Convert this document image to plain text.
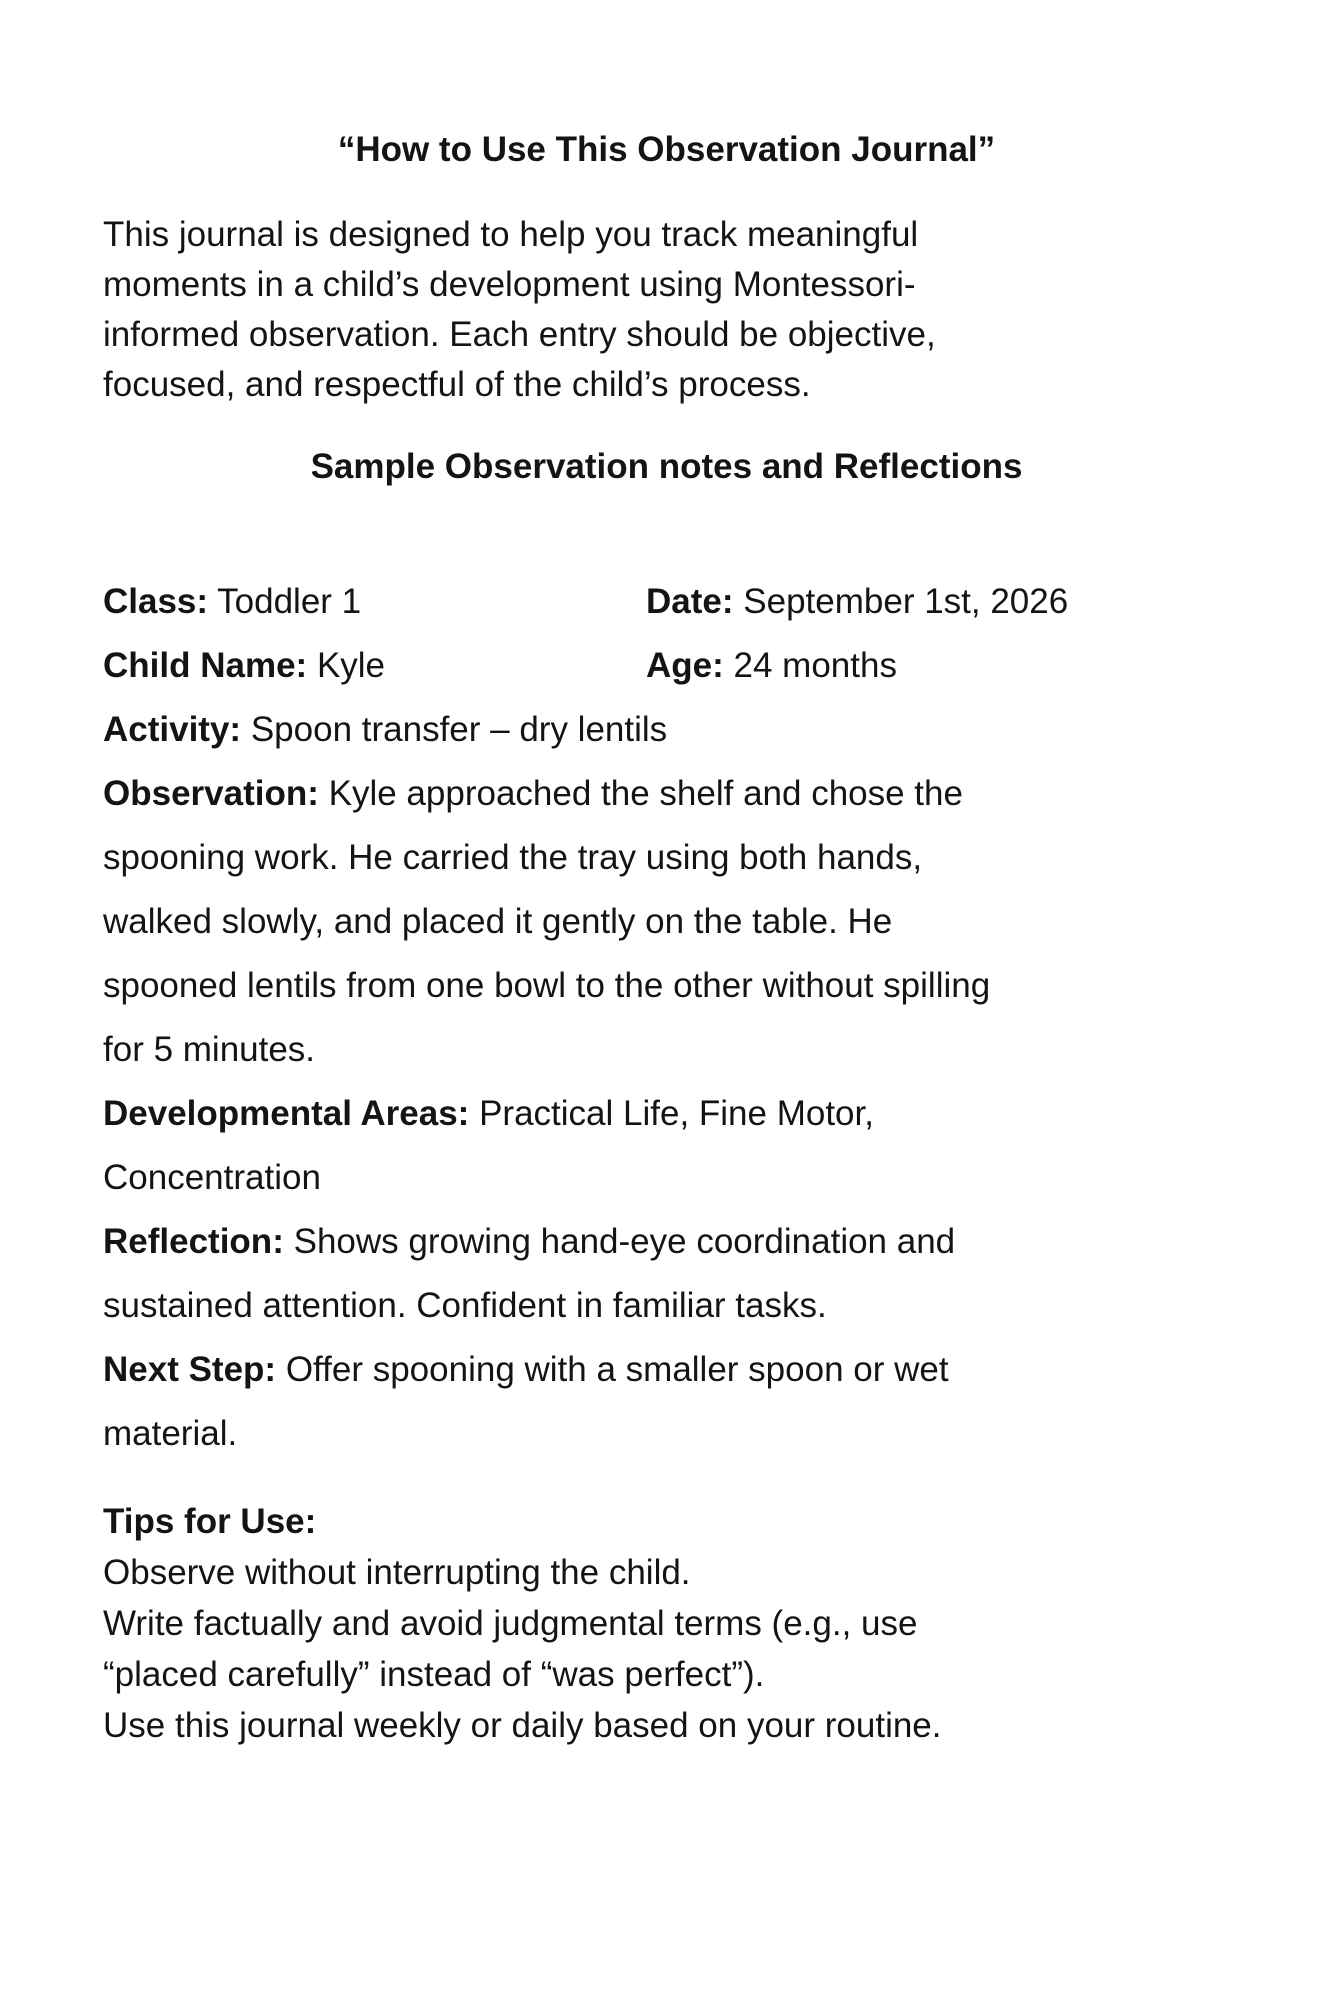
“How to Use This Observation Journal”
This journal is designed to help you track meaningful
moments in a child’s development using Montessori-
informed observation. Each entry should be objective,
focused, and respectful of the child’s process.
Sample Observation notes and Reflections
Class: Toddler 1	Date: September 1st, 2026
Child Name: Kyle	Age: 24 months
Activity: Spoon transfer – dry lentils
Observation: Kyle approached the shelf and chose the
spooning work. He carried the tray using both hands,
walked slowly, and placed it gently on the table. He
spooned lentils from one bowl to the other without spilling
for 5 minutes.
Developmental Areas: Practical Life, Fine Motor,
Concentration
Reflection: Shows growing hand-eye coordination and
sustained attention. Confident in familiar tasks.
Next Step: Offer spooning with a smaller spoon or wet
material.
Tips for Use:
Observe without interrupting the child.
Write factually and avoid judgmental terms (e.g., use
“placed carefully” instead of “was perfect”).
Use this journal weekly or daily based on your routine.
